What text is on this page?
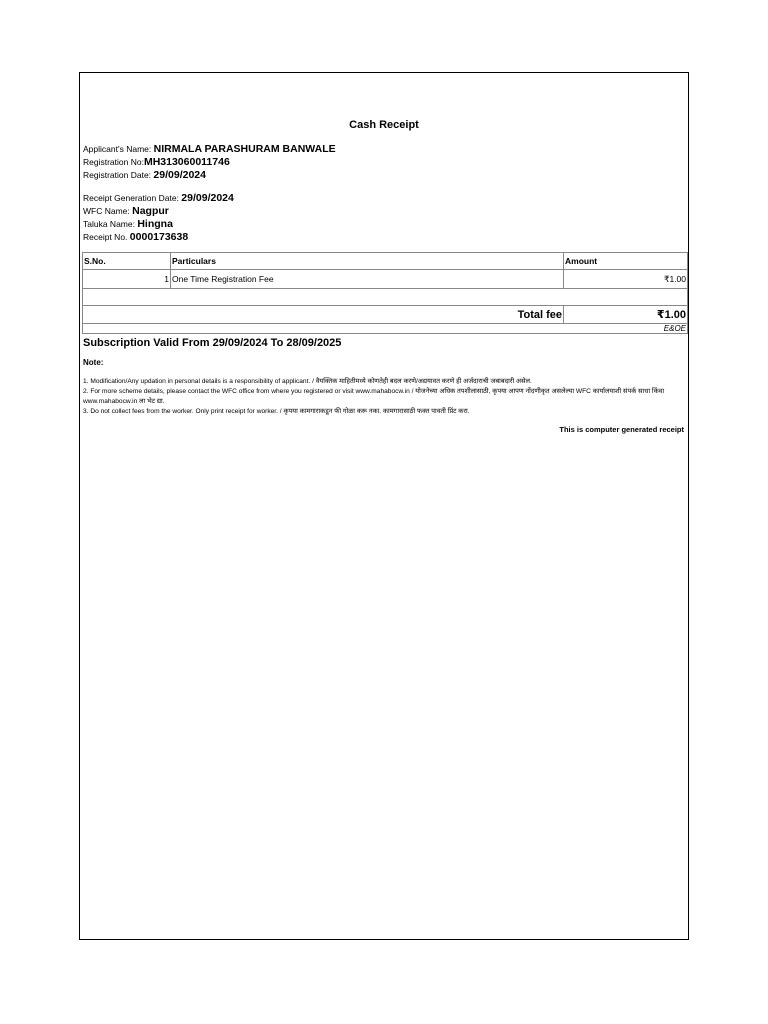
Cash Receipt
Applicant's Name: NIRMALA PARASHURAM BANWALE
Registration No:MH313060011746
Registration Date: 29/09/2024
Receipt Generation Date: 29/09/2024
WFC Name: Nagpur
Taluka Name: Hingna
Receipt No. 0000173638
S.No.	Particulars	Amount
1	One Time Registration Fee	₹1.00

Total fee		₹1.00
E&OE		
Subscription Valid From 29/09/2024 To 28/09/2025
Note:

1. Modification/Any updation in personal details is a responsibility of applicant. / वैयक्तिक माहितीमध्ये कोणतेही बदल करणे/अद्ययावत करणे ही अर्जदाराची जबाबदारी असेल.

2. For more scheme details, please contact the WFC office from where you registered or visit www.mahabocw.in / योजनेच्या अधिक तपशीलासाठी, कृपया आपण नोंदणीकृत असलेल्या WFC कार्यालयाशी संपर्क साधा किंवा www.mahabocw.in ला भेट द्या.

3. Do not collect fees from the worker. Only print receipt for worker. / कृपया कामगाराकडून फी गोळा करू नका. कामगारासाठी फक्त पावती प्रिंट करा.

This is computer generated receipt
